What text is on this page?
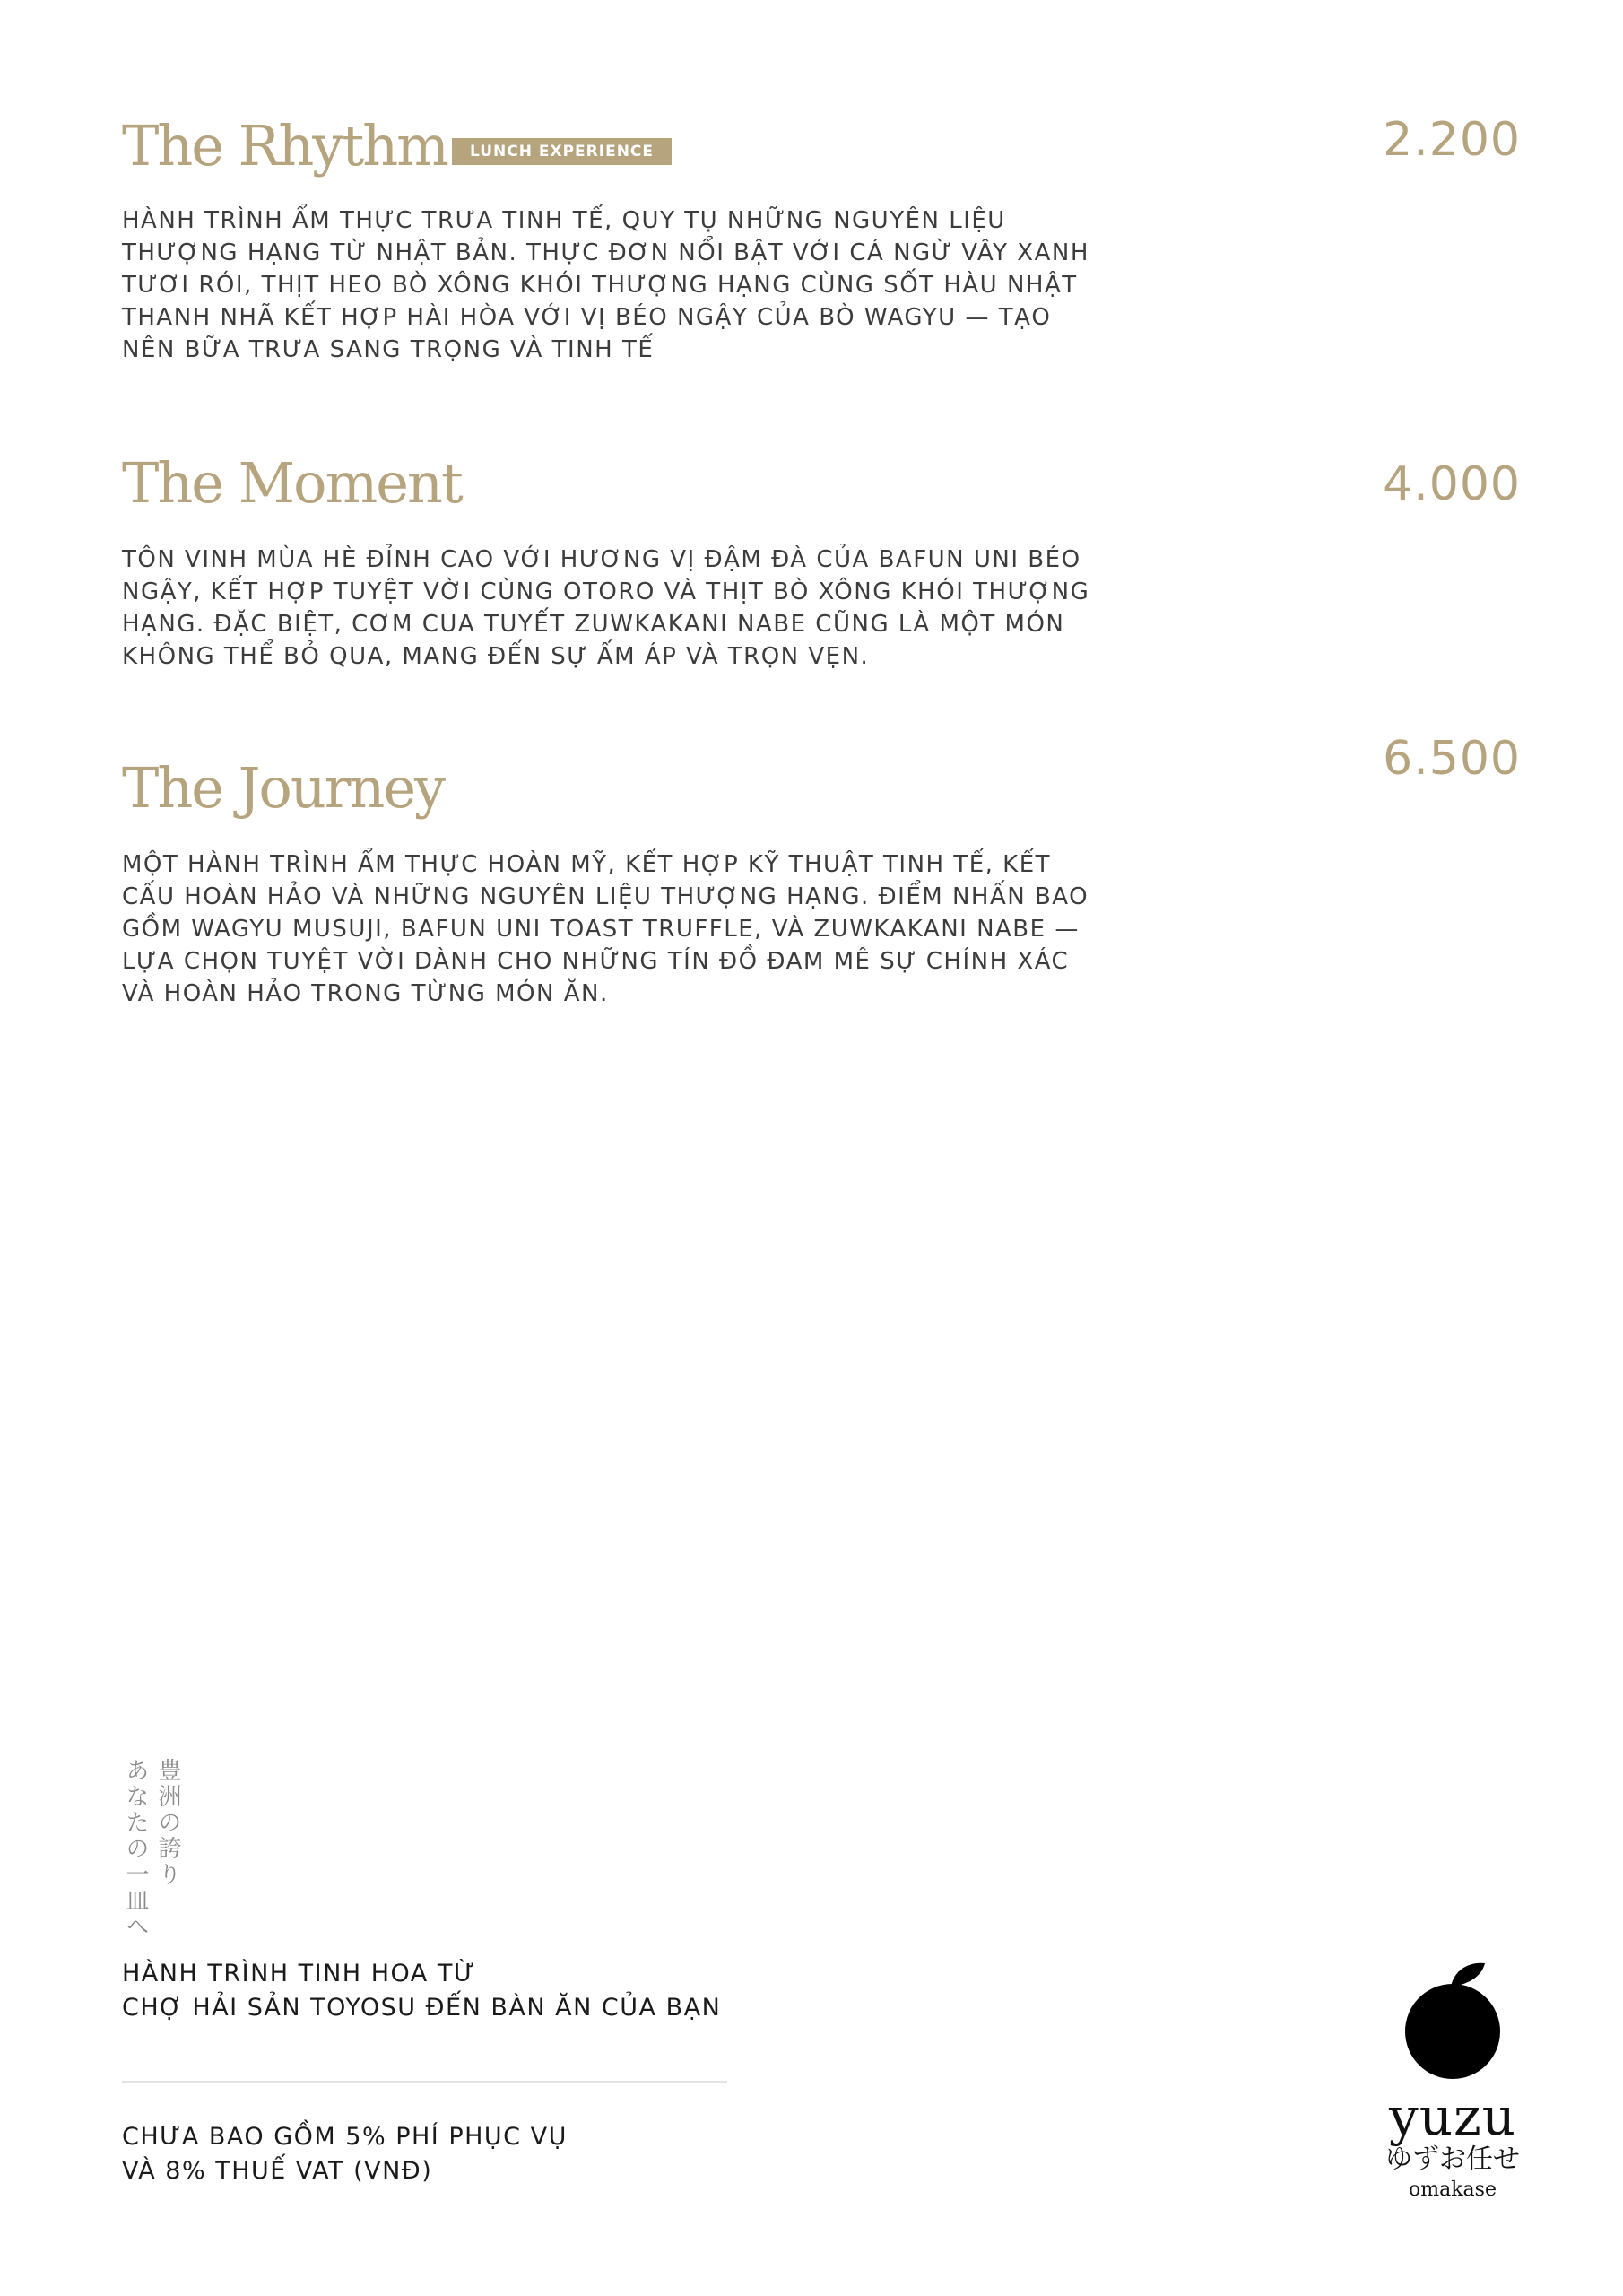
The Rhythm	LUNCH EXPERIENCE	2.200
HÀNH TRÌNH ẨM THỰC TRƯA TINH TẾ, QUY TỤ NHỮNG NGUYÊN LIỆU THƯỢNG HẠNG TỪ NHẬT BẢN. THỰC ĐƠN NỔI BẬT VỚI CÁ NGỪ VÂY XANH TƯƠI RÓI, THỊT HEO BÒ XÔNG KHÓI THƯỢNG HẠNG CÙNG SỐT HÀU NHẬT THANH NHÃ KẾT HỢP HÀI HÒA VỚI VỊ BÉO NGẬY CỦA BÒ WAGYU — TẠO NÊN BỮA TRƯA SANG TRỌNG VÀ TINH TẾ
The Moment	4.000
TÔN VINH MÙA HÈ ĐỈNH CAO VỚI HƯƠNG VỊ ĐẬM ĐÀ CỦA BAFUN UNI BÉO NGẬY, KẾT HỢP TUYỆT VỜI CÙNG OTORO VÀ THỊT BÒ XÔNG KHÓI THƯỢNG HẠNG. ĐẶC BIỆT, CƠM CUA TUYẾT ZUWKAKANI NABE CŨNG LÀ MỘT MÓN KHÔNG THỂ BỎ QUA, MANG ĐẾN SỰ ẤM ÁP VÀ TRỌN VẸN.
The Journey	6.500
MỘT HÀNH TRÌNH ẨM THỰC HOÀN MỸ, KẾT HỢP KỸ THUẬT TINH TẾ, KẾT CẤU HOÀN HẢO VÀ NHỮNG NGUYÊN LIỆU THƯỢNG HẠNG. ĐIỂM NHẤN BAO GỒM WAGYU MUSUJI, BAFUN UNI TOAST TRUFFLE, VÀ ZUWKAKANI NABE — LỰA CHỌN TUYỆT VỜI DÀNH CHO NHỮNG TÍN ĐỒ ĐAM MÊ SỰ CHÍNH XÁC VÀ HOÀN HẢO TRONG TỪNG MÓN ĂN.
豊洲の誇り
あなたの一皿へ
HÀNH TRÌNH TINH HOA TỪ
CHỢ HẢI SẢN TOYOSU ĐẾN BÀN ĂN CỦA BẠN
CHƯA BAO GỒM 5% PHÍ PHỤC VỤ
VÀ 8% THUẾ VAT (VNĐ)
yuzu
ゆずお任せ
omakase
